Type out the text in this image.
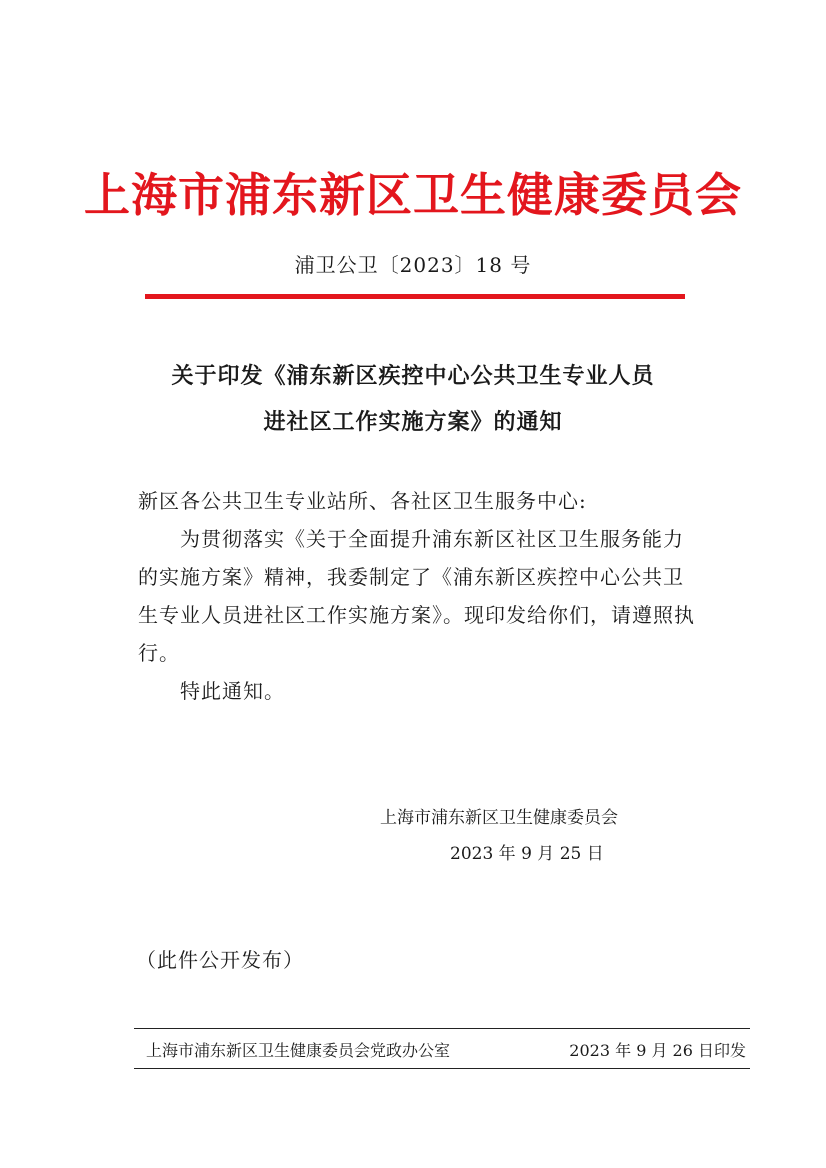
上海市浦东新区卫生健康委员会
浦卫公卫〔2023〕18 号
关于印发《浦东新区疾控中心公共卫生专业人员
进社区工作实施方案》的通知

新区各公共卫生专业站所、各社区卫生服务中心:

为贯彻落实《关于全面提升浦东新区社区卫生服务能力的实施方案》精神，我委制定了《浦东新区疾控中心公共卫生专业人员进社区工作实施方案》。现印发给你们，请遵照执行。

特此通知。

上海市浦东新区卫生健康委员会
2023 年 9 月 25 日
（此件公开发布）
上海市浦东新区卫生健康委员会党政办公室	2023 年 9 月 26 日印发
